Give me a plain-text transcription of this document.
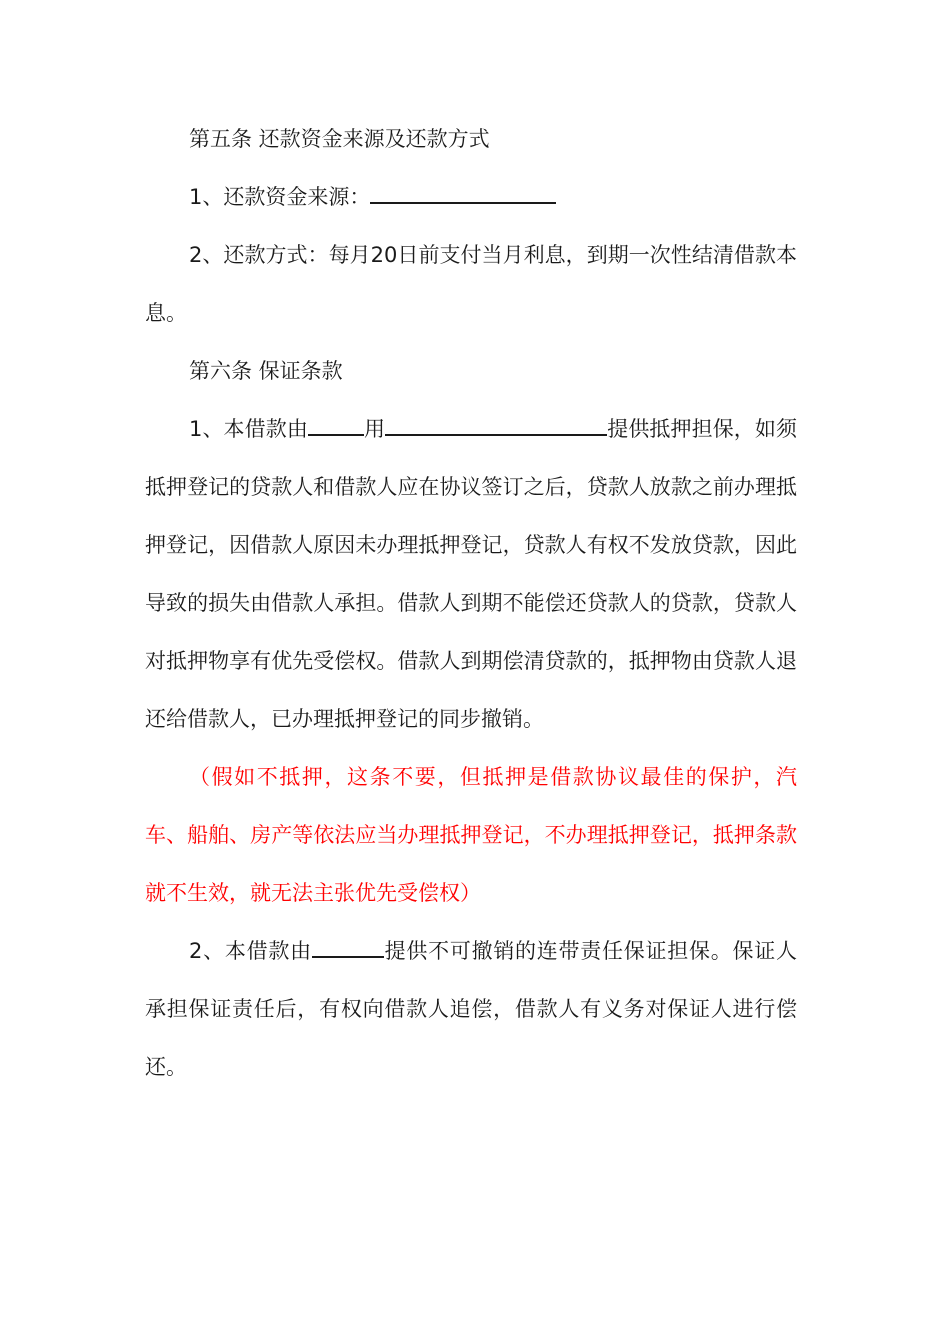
第五条 还款资金来源及还款方式

1、还款资金来源：

2、还款方式：每月20日前支付当月利息，到期一次性结清借款本息。

第六条 保证条款

1、本借款由	用	提供抵押担保，如须抵押登记的贷款人和借款人应在协议签订之后，贷款人放款之前办理抵押登记，因借款人原因未办理抵押登记，贷款人有权不发放贷款，因此导致的损失由借款人承担。借款人到期不能偿还贷款人的贷款，贷款人对抵押物享有优先受偿权。借款人到期偿清贷款的，抵押物由贷款人退还给借款人，已办理抵押登记的同步撤销。

（假如不抵押，这条不要，但抵押是借款协议最佳的保护，汽车、船舶、房产等依法应当办理抵押登记，不办理抵押登记，抵押条款就不生效，就无法主张优先受偿权）

2、本借款由	提供不可撤销的连带责任保证担保。保证人承担保证责任后，有权向借款人追偿，借款人有义务对保证人进行偿还。
